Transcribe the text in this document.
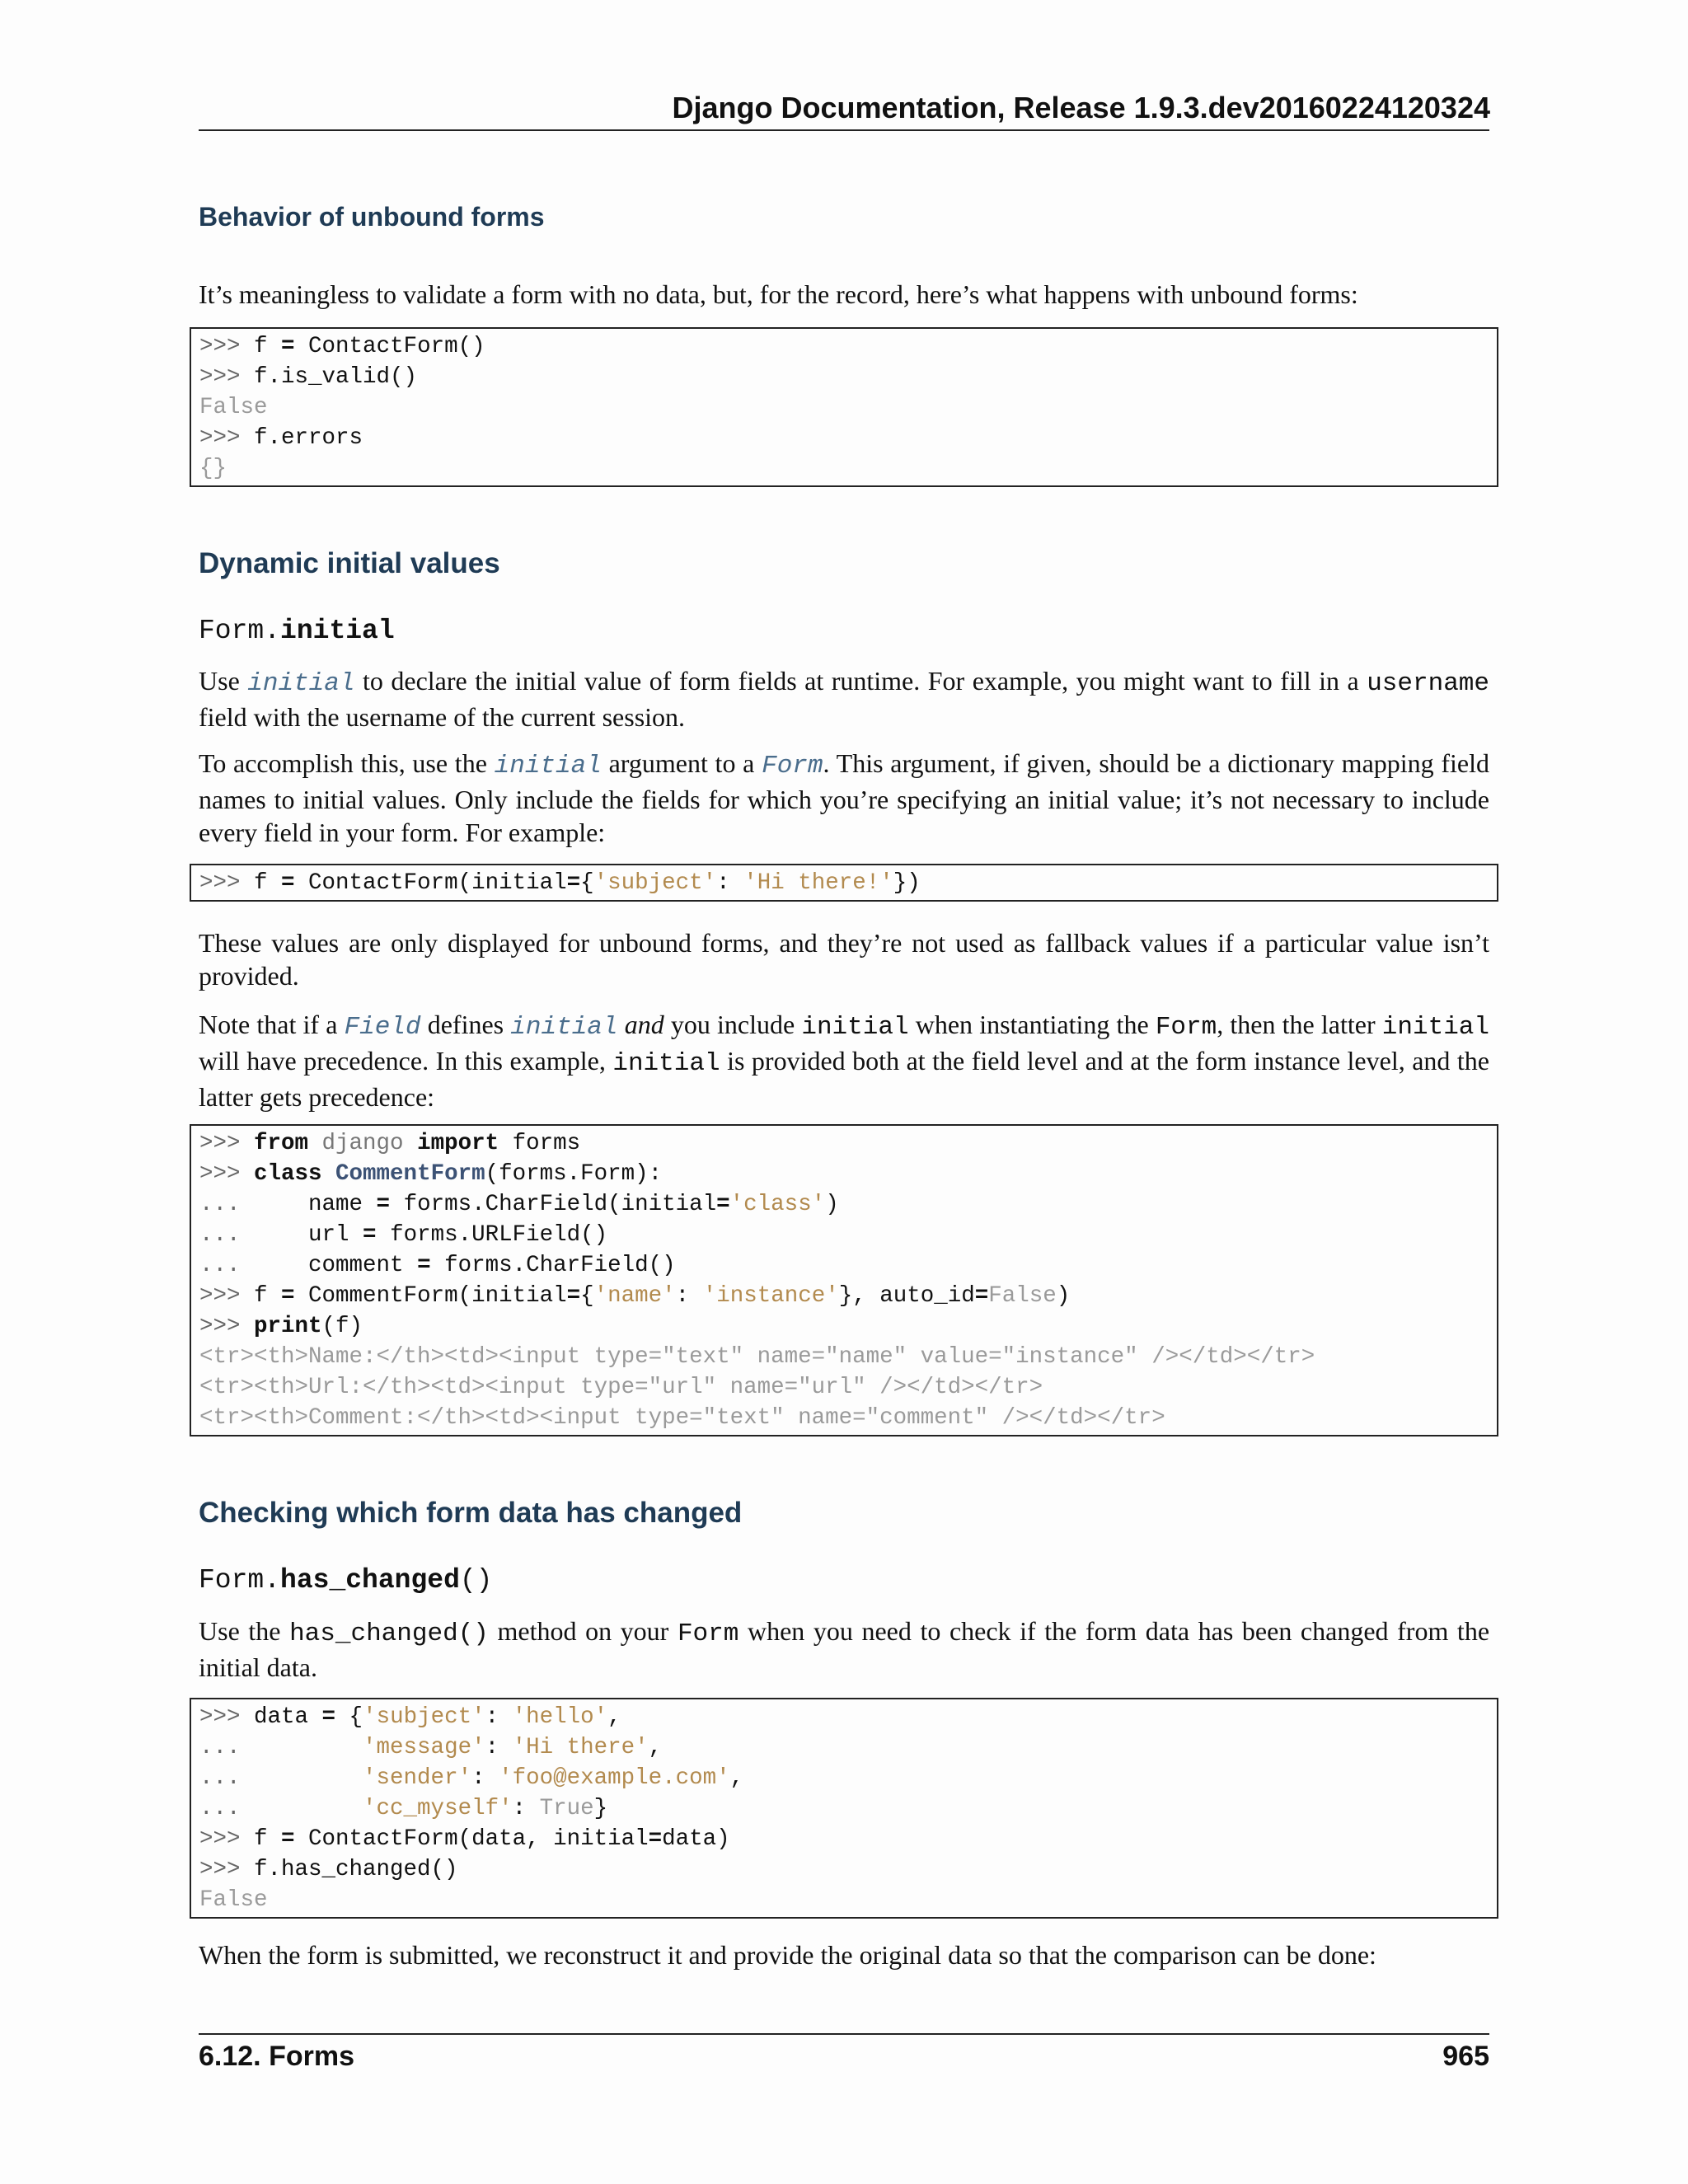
Django Documentation, Release 1.9.3.dev20160224120324
Behavior of unbound forms
It’s meaningless to validate a form with no data, but, for the record, here’s what happens with unbound forms:
>>> f = ContactForm()
>>> f.is_valid()
False
>>> f.errors
{}
Dynamic initial values
Form.initial
Use initial to declare the initial value of form fields at runtime. For example, you might want to fill in a username field with the username of the current session.
To accomplish this, use the initial argument to a Form. This argument, if given, should be a dictionary mapping field names to initial values. Only include the fields for which you’re specifying an initial value; it’s not necessary to include every field in your form. For example:
>>> f = ContactForm(initial={'subject': 'Hi there!'})
These values are only displayed for unbound forms, and they’re not used as fallback values if a particular value isn’t provided.
Note that if a Field defines initial and you include initial when instantiating the Form, then the latter initial will have precedence. In this example, initial is provided both at the field level and at the form instance level, and the latter gets precedence:
>>> from django import forms
>>> class CommentForm(forms.Form):
...     name = forms.CharField(initial='class')
...     url = forms.URLField()
...     comment = forms.CharField()
>>> f = CommentForm(initial={'name': 'instance'}, auto_id=False)
>>> print(f)
<tr><th>Name:</th><td><input type="text" name="name" value="instance" /></td></tr>
<tr><th>Url:</th><td><input type="url" name="url" /></td></tr>
<tr><th>Comment:</th><td><input type="text" name="comment" /></td></tr>
Checking which form data has changed
Form.has_changed()
Use the has_changed() method on your Form when you need to check if the form data has been changed from the initial data.
>>> data = {'subject': 'hello',
...         'message': 'Hi there',
...         'sender': 'foo@example.com',
...         'cc_myself': True}
>>> f = ContactForm(data, initial=data)
>>> f.has_changed()
False
When the form is submitted, we reconstruct it and provide the original data so that the comparison can be done:
6.12. Forms	965
